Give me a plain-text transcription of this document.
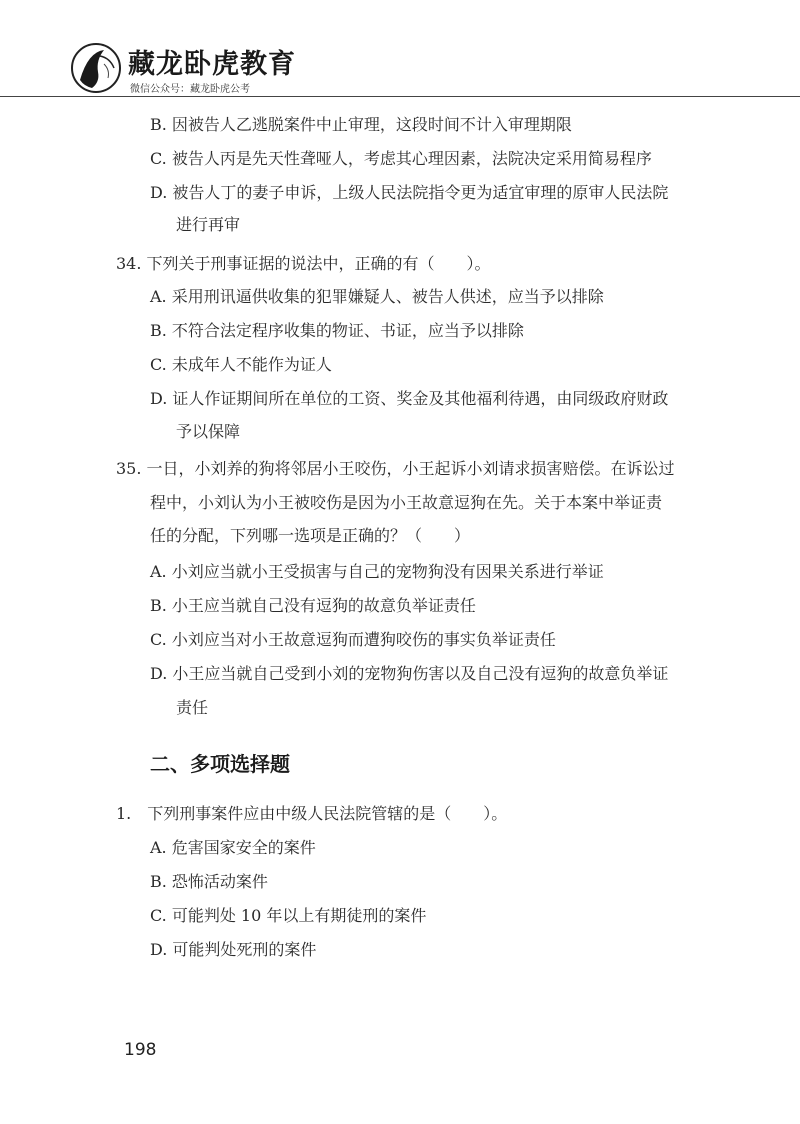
藏龙卧虎教育
微信公众号：藏龙卧虎公考
B. 因被告人乙逃脱案件中止审理，这段时间不计入审理期限
C. 被告人丙是先天性聋哑人，考虑其心理因素，法院决定采用简易程序
D. 被告人丁的妻子申诉，上级人民法院指令更为适宜审理的原审人民法院
进行再审
34. 下列关于刑事证据的说法中，正确的有（　　）。
A. 采用刑讯逼供收集的犯罪嫌疑人、被告人供述，应当予以排除
B. 不符合法定程序收集的物证、书证，应当予以排除
C. 未成年人不能作为证人
D. 证人作证期间所在单位的工资、奖金及其他福利待遇，由同级政府财政
予以保障
35. 一日，小刘养的狗将邻居小王咬伤，小王起诉小刘请求损害赔偿。在诉讼过
程中，小刘认为小王被咬伤是因为小王故意逗狗在先。关于本案中举证责
任的分配，下列哪一选项是正确的？（　　）
A. 小刘应当就小王受损害与自己的宠物狗没有因果关系进行举证
B. 小王应当就自己没有逗狗的故意负举证责任
C. 小刘应当对小王故意逗狗而遭狗咬伤的事实负举证责任
D. 小王应当就自己受到小刘的宠物狗伤害以及自己没有逗狗的故意负举证
责任
二、多项选择题
1.　下列刑事案件应由中级人民法院管辖的是（　　）。
A. 危害国家安全的案件
B. 恐怖活动案件
C. 可能判处 10 年以上有期徒刑的案件
D. 可能判处死刑的案件
198
